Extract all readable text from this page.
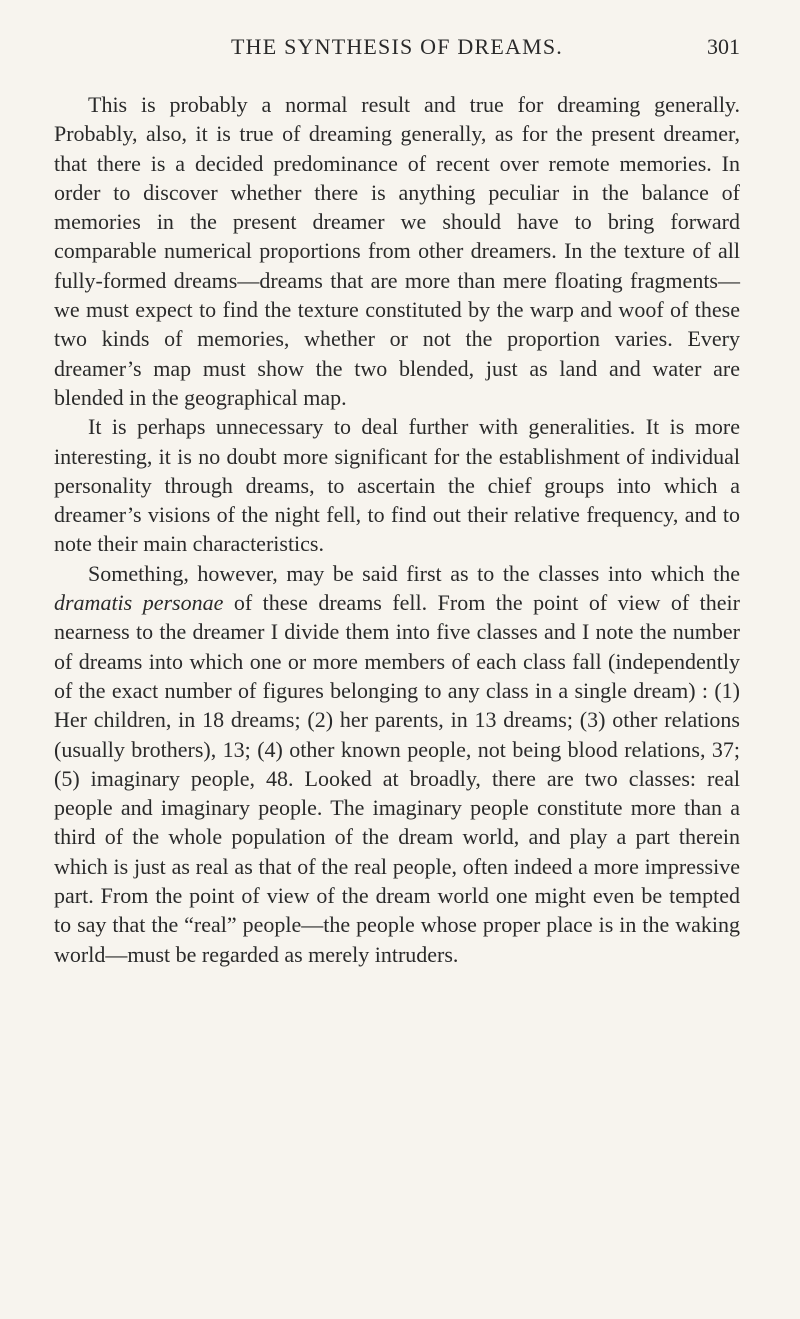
THE SYNTHESIS OF DREAMS.	301

This is probably a normal result and true for dreaming generally. Probably, also, it is true of dreaming generally, as for the present dreamer, that there is a decided predominance of recent over remote memories. In order to discover whether there is anything peculiar in the balance of memories in the present dreamer we should have to bring forward comparable numerical proportions from other dreamers. In the texture of all fully-formed dreams—dreams that are more than mere floating fragments—we must expect to find the texture constituted by the warp and woof of these two kinds of memories, whether or not the proportion varies. Every dreamer’s map must show the two blended, just as land and water are blended in the geographical map.

It is perhaps unnecessary to deal further with generalities. It is more interesting, it is no doubt more significant for the establishment of individual personality through dreams, to ascertain the chief groups into which a dreamer’s visions of the night fell, to find out their relative frequency, and to note their main characteristics.

Something, however, may be said first as to the classes into which the dramatis personae of these dreams fell. From the point of view of their nearness to the dreamer I divide them into five classes and I note the number of dreams into which one or more members of each class fall (independently of the exact number of figures belonging to any class in a single dream) : (1) Her children, in 18 dreams; (2) her parents, in 13 dreams; (3) other relations (usually brothers), 13; (4) other known people, not being blood relations, 37; (5) imaginary people, 48. Looked at broadly, there are two classes: real people and imaginary people. The imaginary people constitute more than a third of the whole population of the dream world, and play a part therein which is just as real as that of the real people, often indeed a more impressive part. From the point of view of the dream world one might even be tempted to say that the “real” people—the people whose proper place is in the waking world—must be regarded as merely intruders.
